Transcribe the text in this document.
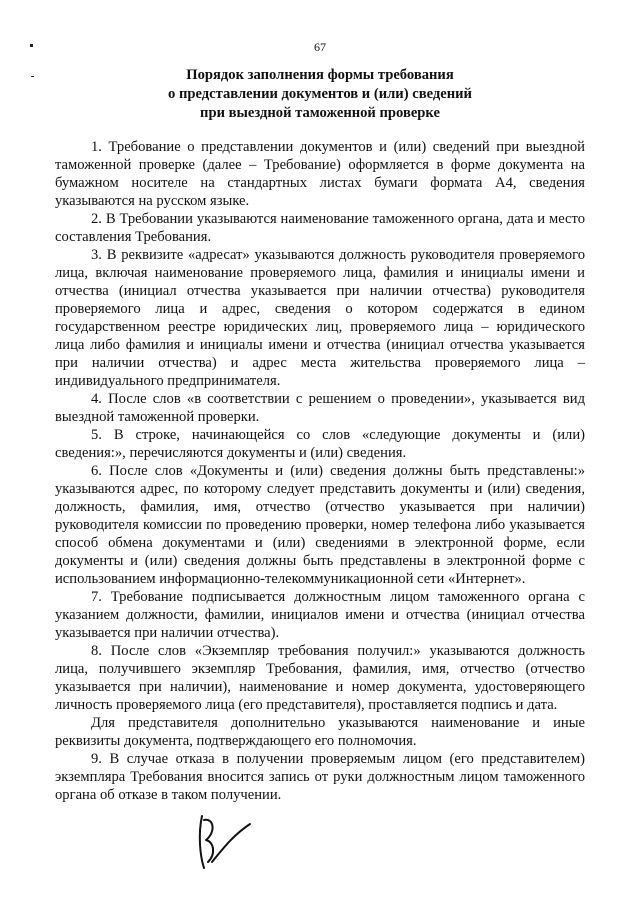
67
Порядок заполнения формы требования
о представлении документов и (или) сведений
при выездной таможенной проверке

1. Требование о представлении документов и (или) сведений при выездной таможенной проверке (далее – Требование) оформляется в форме документа на бумажном носителе на стандартных листах бумаги формата А4, сведения указываются на русском языке.

2. В Требовании указываются наименование таможенного органа, дата и место составления Требования.

3. В реквизите «адресат» указываются должность руководителя проверяемого лица, включая наименование проверяемого лица, фамилия и инициалы имени и отчества (инициал отчества указывается при наличии отчества) руководителя проверяемого лица и адрес, сведения о котором содержатся в едином государственном реестре юридических лиц, проверяемого лица – юридического лица либо фамилия и инициалы имени и отчества (инициал отчества указывается при наличии отчества) и адрес места жительства проверяемого лица – индивидуального предпринимателя.

4. После слов «в соответствии с решением о проведении», указывается вид выездной таможенной проверки.

5. В строке, начинающейся со слов «следующие документы и (или) сведения:», перечисляются документы и (или) сведения.

6. После слов «Документы и (или) сведения должны быть представлены:» указываются адрес, по которому следует представить документы и (или) сведения, должность, фамилия, имя, отчество (отчество указывается при наличии) руководителя комиссии по проведению проверки, номер телефона либо указывается способ обмена документами и (или) сведениями в электронной форме, если документы и (или) сведения должны быть представлены в электронной форме с использованием информационно-телекоммуникационной сети «Интернет».

7. Требование подписывается должностным лицом таможенного органа с указанием должности, фамилии, инициалов имени и отчества (инициал отчества указывается при наличии отчества).

8. После слов «Экземпляр требования получил:» указываются должность лица, получившего экземпляр Требования, фамилия, имя, отчество (отчество указывается при наличии), наименование и номер документа, удостоверяющего личность проверяемого лица (его представителя), проставляется подпись и дата.

Для представителя дополнительно указываются наименование и иные реквизиты документа, подтверждающего его полномочия.

9. В случае отказа в получении проверяемым лицом (его представителем) экземпляра Требования вносится запись от руки должностным лицом таможенного органа об отказе в таком получении.
